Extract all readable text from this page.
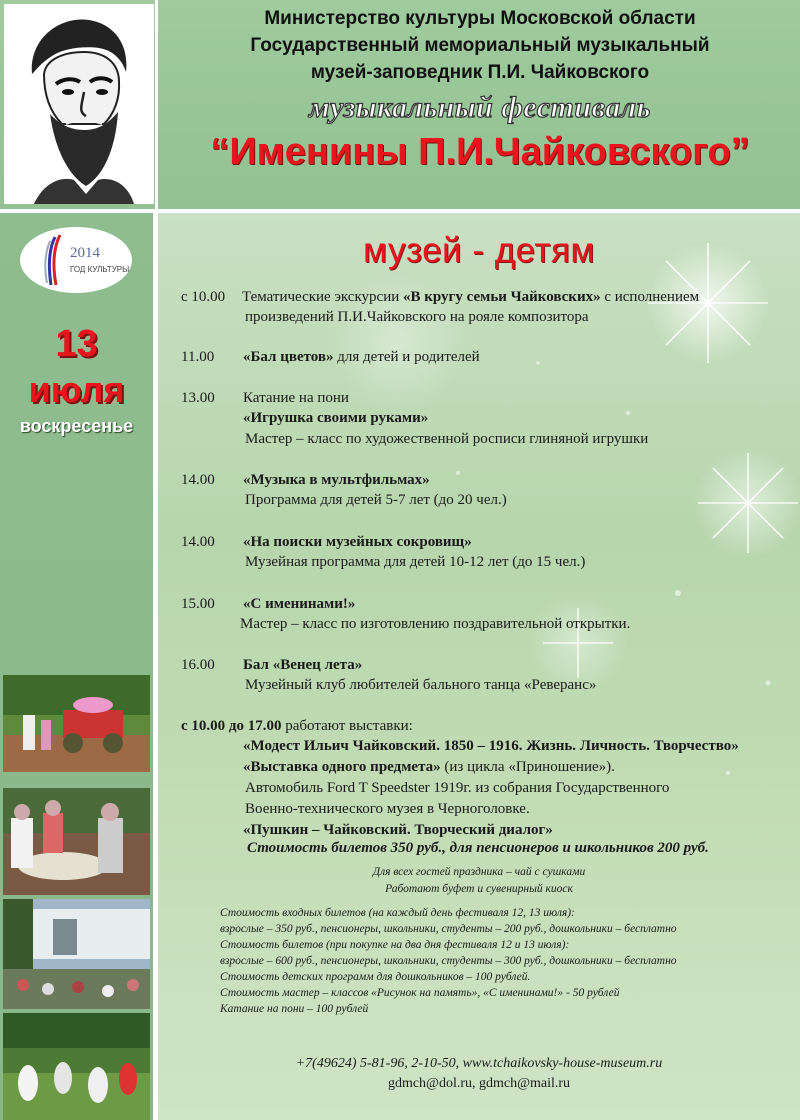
Министерство культуры Московской области
Государственный мемориальный музыкальный
музей-заповедник П.И. Чайковского
музыкальный фестиваль
“Именины П.И.Чайковского”
2014
ГОД КУЛЬТУРЫ
13
июля
воскресенье
музей - детям
с 10.00 Тематические экскурсии «В кругу семьи Чайковских» с исполнением
произведений П.И.Чайковского на рояле композитора
11.00 «Бал цветов» для детей и родителей
13.00 Катание на пони
«Игрушка своими руками»
Мастер – класс по художественной росписи глиняной игрушки
14.00 «Музыка в мультфильмах»
Программа для детей 5-7 лет (до 20 чел.)
14.00 «На поиски музейных сокровищ»
Музейная программа для детей 10-12 лет (до 15 чел.)
15.00 «С именинами!»
Мастер – класс по изготовлению поздравительной открытки.
16.00 Бал «Венец лета»
Музейный клуб любителей бального танца «Реверанс»
с 10.00 до 17.00 работают выставки:
«Модест Ильич Чайковский. 1850 – 1916. Жизнь. Личность. Творчество»
«Выставка одного предмета» (из цикла «Приношение»).
Автомобиль Ford T Speedster 1919г. из собрания Государственного
Военно-технического музея в Черноголовке.
«Пушкин – Чайковский. Творческий диалог»
Стоимость билетов 350 руб., для пенсионеров и школьников 200 руб.
Для всех гостей праздника – чай с сушками
Работают буфет и сувенирный киоск
Стоимость входных билетов (на каждый день фестиваля 12, 13 июля):
взрослые – 350 руб., пенсионеры, школьники, студенты – 200 руб., дошкольники – бесплатно
Стоимость билетов (при покупке на два дня фестиваля 12 и 13 июля):
взрослые – 600 руб., пенсионеры, школьники, студенты – 300 руб., дошкольники – бесплатно
Стоимость детских программ для дошкольников – 100 рублей.
Стоимость мастер – классов «Рисунок на память», «С именинами!» - 50 рублей
Катание на пони – 100 рублей
+7(49624) 5-81-96, 2-10-50, www.tchaikovsky-house-museum.ru
gdmch@dol.ru, gdmch@mail.ru
